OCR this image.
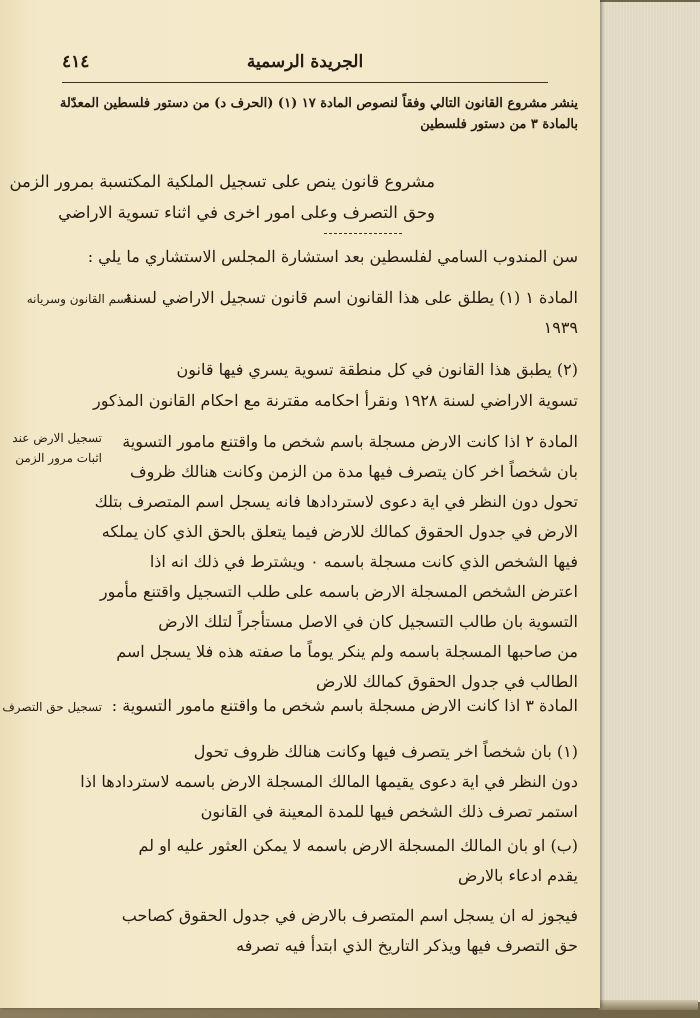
٤١٤	الجريدة الرسمية
ينشر مشروع القانون التالي وفقاً لنصوص المادة ١٧ (١) (الحرف د) من دستور فلسطين المعدّلة
بالمادة ٣ من دستور فلسطين
مشروع قانون ينص على تسجيل الملكية المكتسبة بمرور الزمن
وحق التصرف وعلى امور اخرى في اثناء تسوية الاراضي
سن المندوب السامي لفلسطين بعد استشارة المجلس الاستشاري ما يلي :
اسم القانون وسريانه
المادة ١ (١) يطلق على هذا القانون اسم قانون تسجيل الاراضي لسنة
١٩٣٩
(٢) يطبق هذا القانون في كل منطقة تسوية يسري فيها قانون
تسوية الاراضي لسنة ١٩٢٨ ونقرأ احكامه مقترنة مع احكام القانون المذكور
تسجيل الارض عند
اثبات مرور الزمن
المادة ٢ اذا كانت الارض مسجلة باسم شخص ما واقتنع مامور التسوية
بان شخصاً اخر كان يتصرف فيها مدة من الزمن وكانت هنالك ظروف
تحول دون النظر في اية دعوى لاستردادها فانه يسجل اسم المتصرف بتلك
الارض في جدول الحقوق كمالك للارض فيما يتعلق بالحق الذي كان يملكه
فيها الشخص الذي كانت مسجلة باسمه ٠ ويشترط في ذلك انه اذا
اعترض الشخص المسجلة الارض باسمه على طلب التسجيل واقتنع مأمور
التسوية بان طالب التسجيل كان في الاصل مستأجراً لتلك الارض
من صاحبها المسجلة باسمه ولم ينكر يوماً ما صفته هذه فلا يسجل اسم
الطالب في جدول الحقوق كمالك للارض
تسجيل حق التصرف المادة ٣ اذا كانت الارض مسجلة باسم شخص ما واقتنع مامور التسوية :
(١) بان شخصاً اخر يتصرف فيها وكانت هنالك ظروف تحول
دون النظر في اية دعوى يقيمها المالك المسجلة الارض باسمه لاستردادها اذا
استمر تصرف ذلك الشخص فيها للمدة المعينة في القانون
(ب) او بان المالك المسجلة الارض باسمه لا يمكن العثور عليه او لم
يقدم ادعاء بالارض
فيجوز له ان يسجل اسم المتصرف بالارض في جدول الحقوق كصاحب
حق التصرف فيها ويذكر التاريخ الذي ابتدأ فيه تصرفه
